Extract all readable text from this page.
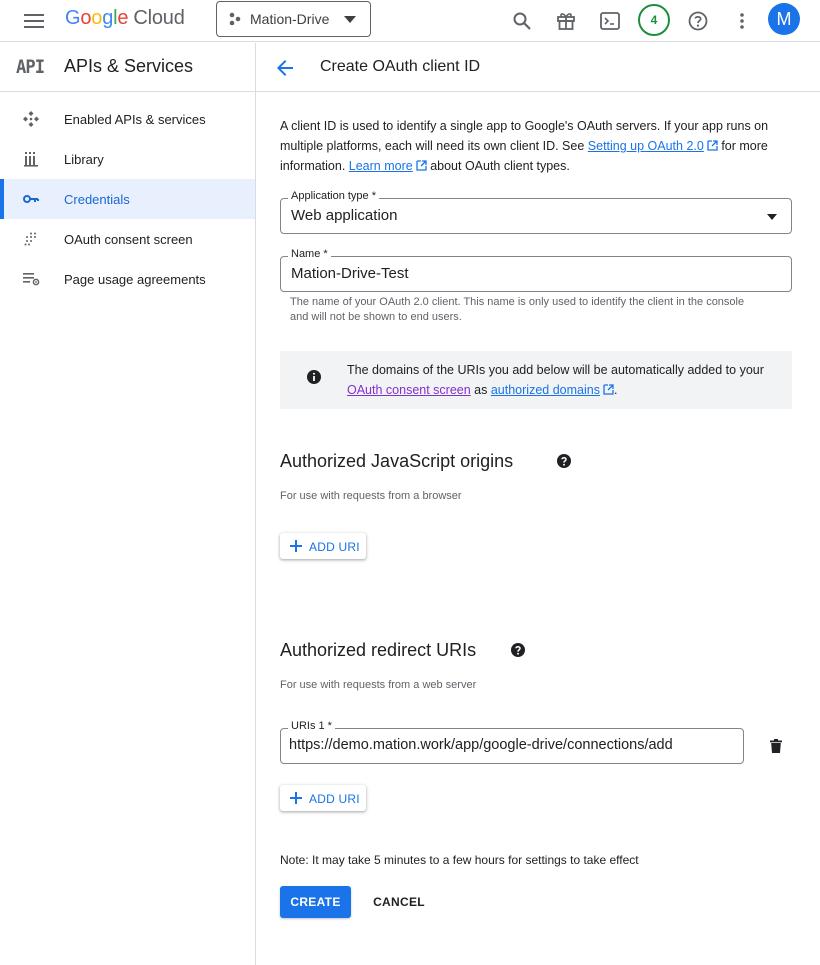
G o o g l e Cloud	Mation-Drive	4	M
API APIs & Services
Enabled APIs & services
Library
Credentials
OAuth consent screen
Page usage agreements
Create OAuth client ID

A client ID is used to identify a single app to Google's OAuth servers. If your app runs on multiple platforms, each will need its own client ID. See Setting up OAuth 2.0 for more information. Learn more about OAuth client types.

Application type *
Web application
Name *
Mation-Drive-Test
The name of your OAuth 2.0 client. This name is only used to identify the client in the console and will not be shown to end users.
The domains of the URIs you add below will be automatically added to your OAuth consent screen as authorized domains .
Authorized JavaScript origins
For use with requests from a browser
ADD URI
Authorized redirect URIs
For use with requests from a web server
URIs 1 *
https://demo.mation.work/app/google-drive/connections/add
ADD URI
Note: It may take 5 minutes to a few hours for settings to take effect
CREATE	CANCEL
